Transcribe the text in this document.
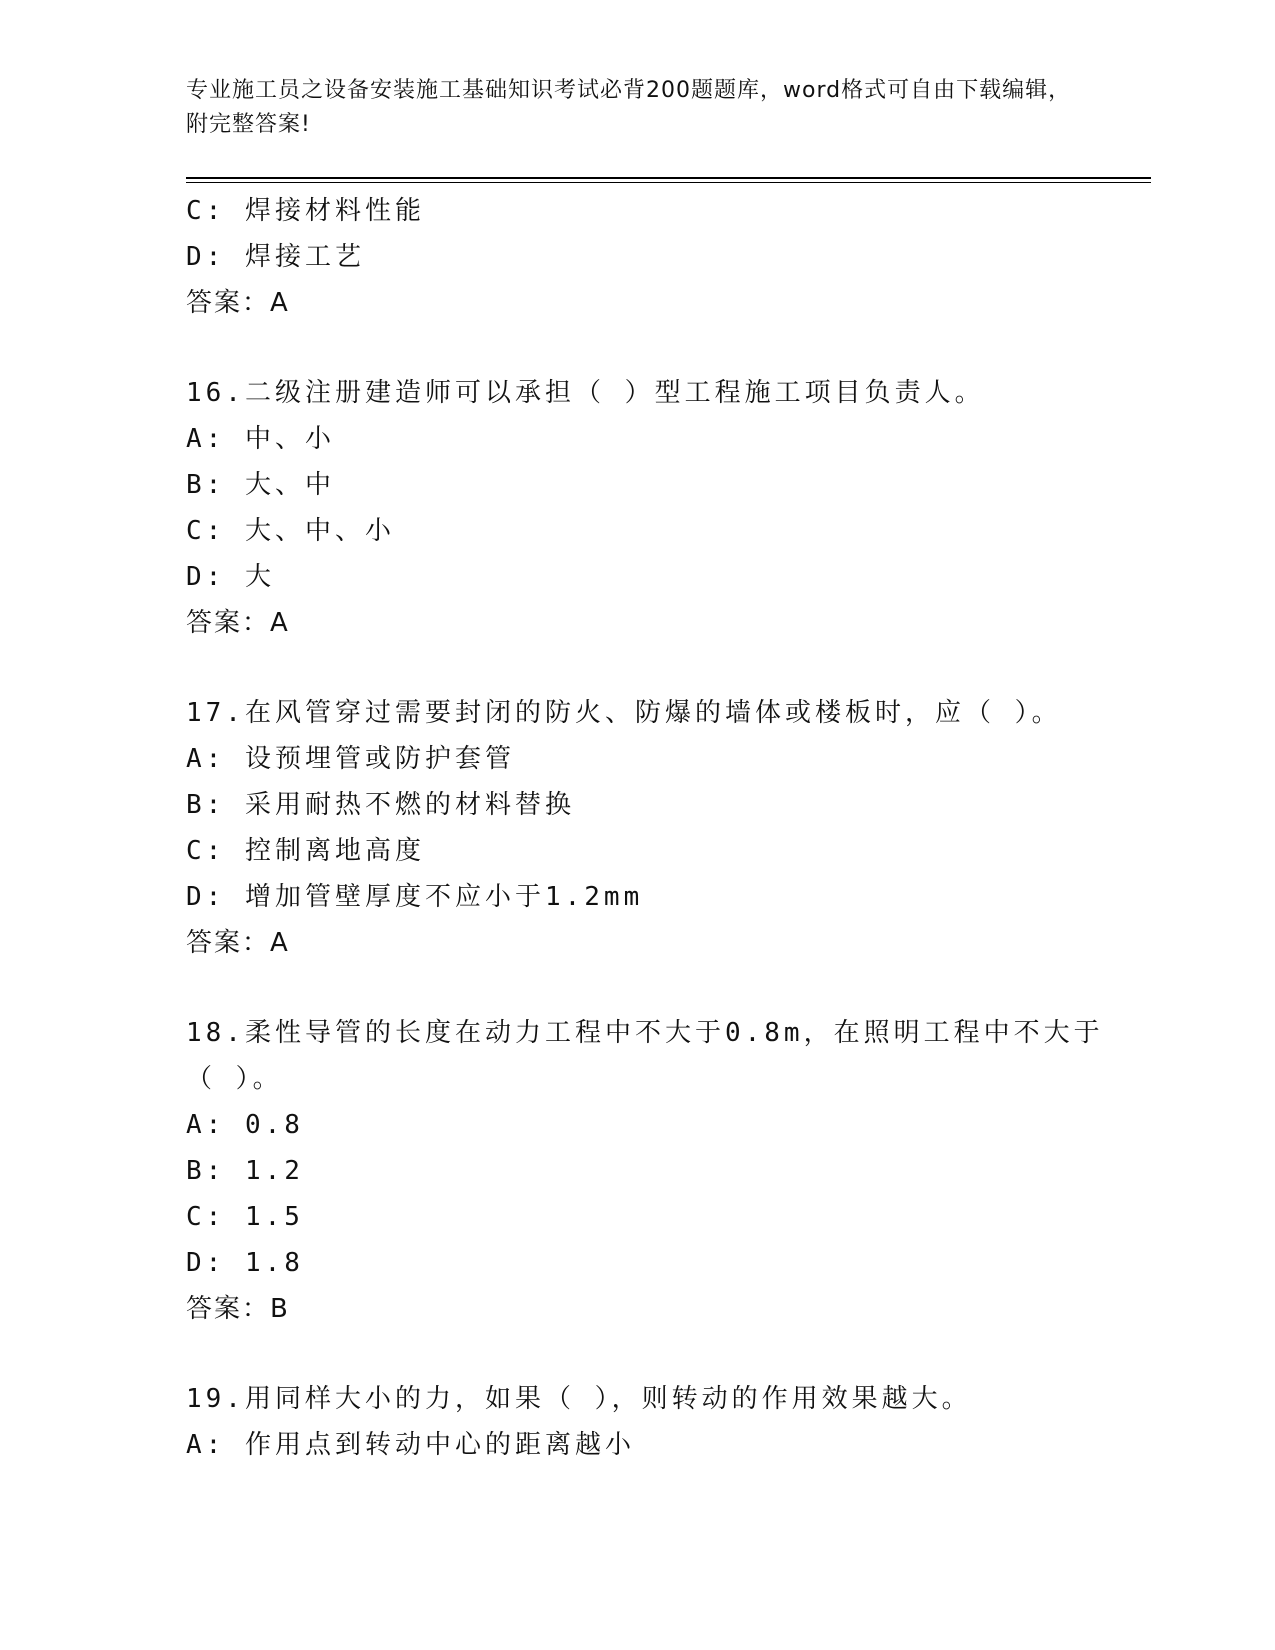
专业施工员之设备安装施工基础知识考试必背200题题库，word格式可自由下载编辑，附完整答案!
C: 焊接材料性能
D: 焊接工艺
答案：A
16.二级注册建造师可以承担（ ）型工程施工项目负责人。
A: 中、小
B: 大、中
C: 大、中、小
D: 大
答案：A
17.在风管穿过需要封闭的防火、防爆的墙体或楼板时，应（ ）。
A: 设预埋管或防护套管
B: 采用耐热不燃的材料替换
C: 控制离地高度
D: 增加管壁厚度不应小于1.2mm
答案：A
18.柔性导管的长度在动力工程中不大于0.8m，在照明工程中不大于（ ）。
A: 0.8
B: 1.2
C: 1.5
D: 1.8
答案：B
19.用同样大小的力，如果（ ），则转动的作用效果越大。
A: 作用点到转动中心的距离越小
